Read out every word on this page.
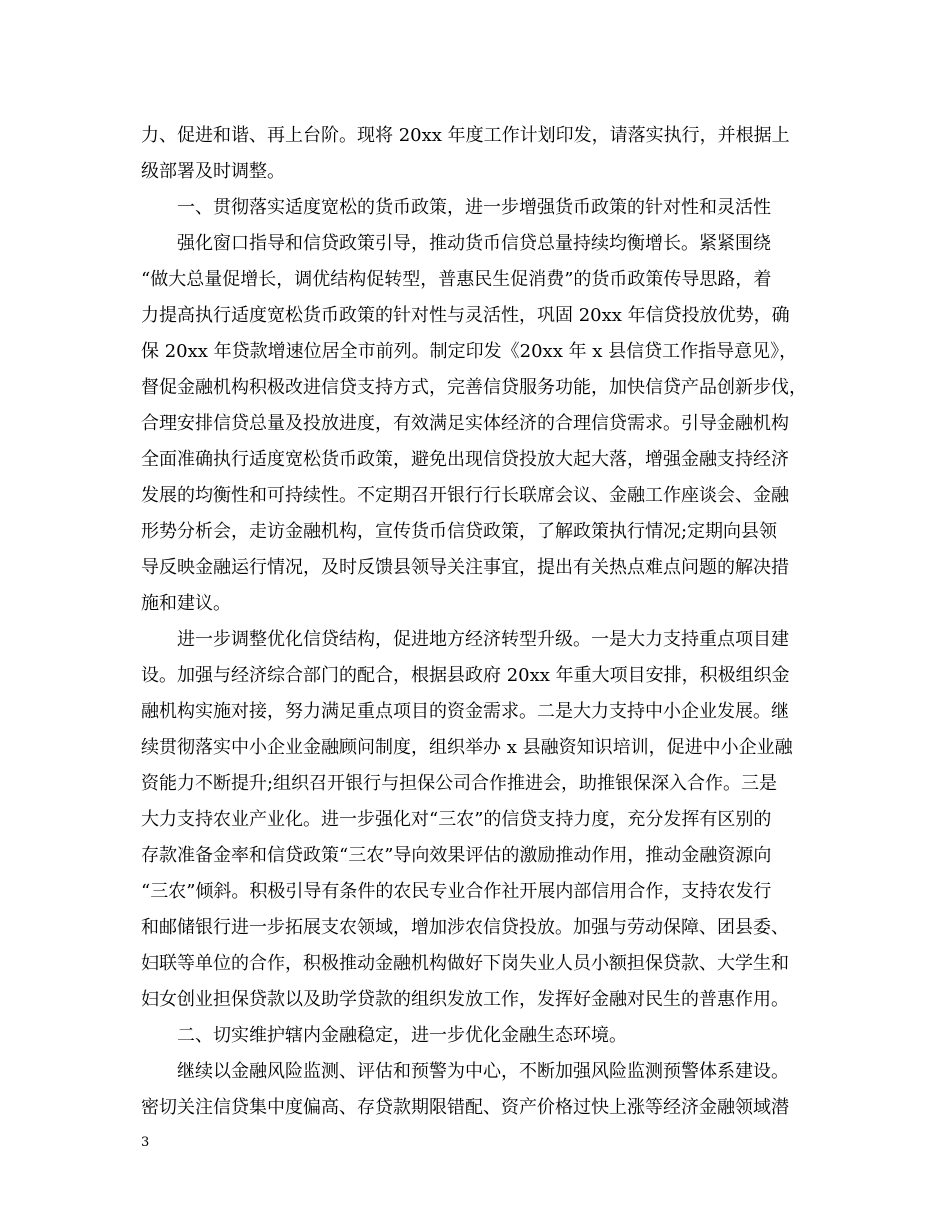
力、促进和谐、再上台阶。现将 20xx 年度工作计划印发，请落实执行，并根据上
级部署及时调整。
一、贯彻落实适度宽松的货币政策，进一步增强货币政策的针对性和灵活性
强化窗口指导和信贷政策引导，推动货币信贷总量持续均衡增长。紧紧围绕
“做大总量促增长，调优结构促转型，普惠民生促消费”的货币政策传导思路，着
力提高执行适度宽松货币政策的针对性与灵活性，巩固 20xx 年信贷投放优势，确
保 20xx 年贷款增速位居全市前列。制定印发《20xx 年 x 县信贷工作指导意见》，
督促金融机构积极改进信贷支持方式，完善信贷服务功能，加快信贷产品创新步伐，
合理安排信贷总量及投放进度，有效满足实体经济的合理信贷需求。引导金融机构
全面准确执行适度宽松货币政策，避免出现信贷投放大起大落，增强金融支持经济
发展的均衡性和可持续性。不定期召开银行行长联席会议、金融工作座谈会、金融
形势分析会，走访金融机构，宣传货币信贷政策，了解政策执行情况;定期向县领
导反映金融运行情况，及时反馈县领导关注事宜，提出有关热点难点问题的解决措
施和建议。
进一步调整优化信贷结构，促进地方经济转型升级。一是大力支持重点项目建
设。加强与经济综合部门的配合，根据县政府 20xx 年重大项目安排，积极组织金
融机构实施对接，努力满足重点项目的资金需求。二是大力支持中小企业发展。继
续贯彻落实中小企业金融顾问制度，组织举办 x 县融资知识培训，促进中小企业融
资能力不断提升;组织召开银行与担保公司合作推进会，助推银保深入合作。三是
大力支持农业产业化。进一步强化对“三农”的信贷支持力度，充分发挥有区别的
存款准备金率和信贷政策“三农”导向效果评估的激励推动作用，推动金融资源向
“三农”倾斜。积极引导有条件的农民专业合作社开展内部信用合作，支持农发行
和邮储银行进一步拓展支农领域，增加涉农信贷投放。加强与劳动保障、团县委、
妇联等单位的合作，积极推动金融机构做好下岗失业人员小额担保贷款、大学生和
妇女创业担保贷款以及助学贷款的组织发放工作，发挥好金融对民生的普惠作用。
二、切实维护辖内金融稳定，进一步优化金融生态环境。
继续以金融风险监测、评估和预警为中心，不断加强风险监测预警体系建设。
密切关注信贷集中度偏高、存贷款期限错配、资产价格过快上涨等经济金融领域潜
3
